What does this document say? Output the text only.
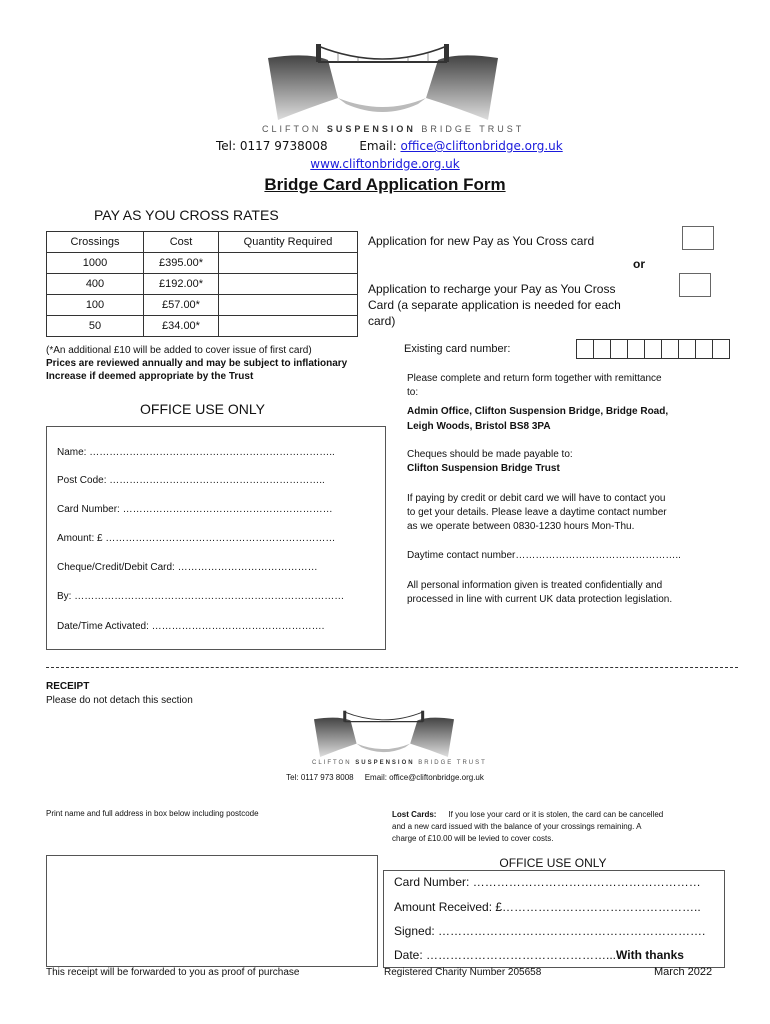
CLIFTON SUSPENSION BRIDGE TRUST
Tel: 0117 9738008	Email: office@cliftonbridge.org.uk
www.cliftonbridge.org.uk
Bridge Card Application Form
PAY AS YOU CROSS RATES
Crossings	Cost	Quantity Required
1000	£395.00*	
400	£192.00*	
100	£57.00*	
50	£34.00*	
(*An additional £10 will be added to cover issue of first card)
Prices are reviewed annually and may be subject to inflationary
Increase if deemed appropriate by the Trust
Application for new Pay as You Cross card
or
Application to recharge your Pay as You Cross
Card (a separate application is needed for each
card)
Existing card number:
OFFICE USE ONLY
Name: ………………………………………………………………..
Post Code: ………………………………………………………..
Card Number: ………………………………………………………
Amount: £ ……………………………………………………………
Cheque/Credit/Debit Card: ……………………………………
By: ………………………………………………………………………
Date/Time Activated: …………………………………………….
Please complete and return form together with remittance
to:
Admin Office, Clifton Suspension Bridge, Bridge Road,
Leigh Woods, Bristol BS8 3PA
Cheques should be made payable to:
Clifton Suspension Bridge Trust
If paying by credit or debit card we will have to contact you
to get your details. Please leave a daytime contact number
as we operate between 0830-1230 hours Mon-Thu.
Daytime contact number…………………………………………..
All personal information given is treated confidentially and
processed in line with current UK data protection legislation.
RECEIPT
Please do not detach this section
CLIFTON SUSPENSION BRIDGE TRUST
Tel: 0117 973 8008     Email: office@cliftonbridge.org.uk
Print name and full address in box below including postcode
This receipt will be forwarded to you as proof of purchase
Lost Cards: If you lose your card or it is stolen, the card can be cancelled
and a new card issued with the balance of your crossings remaining. A
charge of £10.00 will be levied to cover costs.
OFFICE USE ONLY
Card Number: …………………………………………………
Amount Received: £…………………………………………..
Signed: ………………………………………………………….
Date: ………………………………………...With thanks
Registered Charity Number 205658	March 2022
